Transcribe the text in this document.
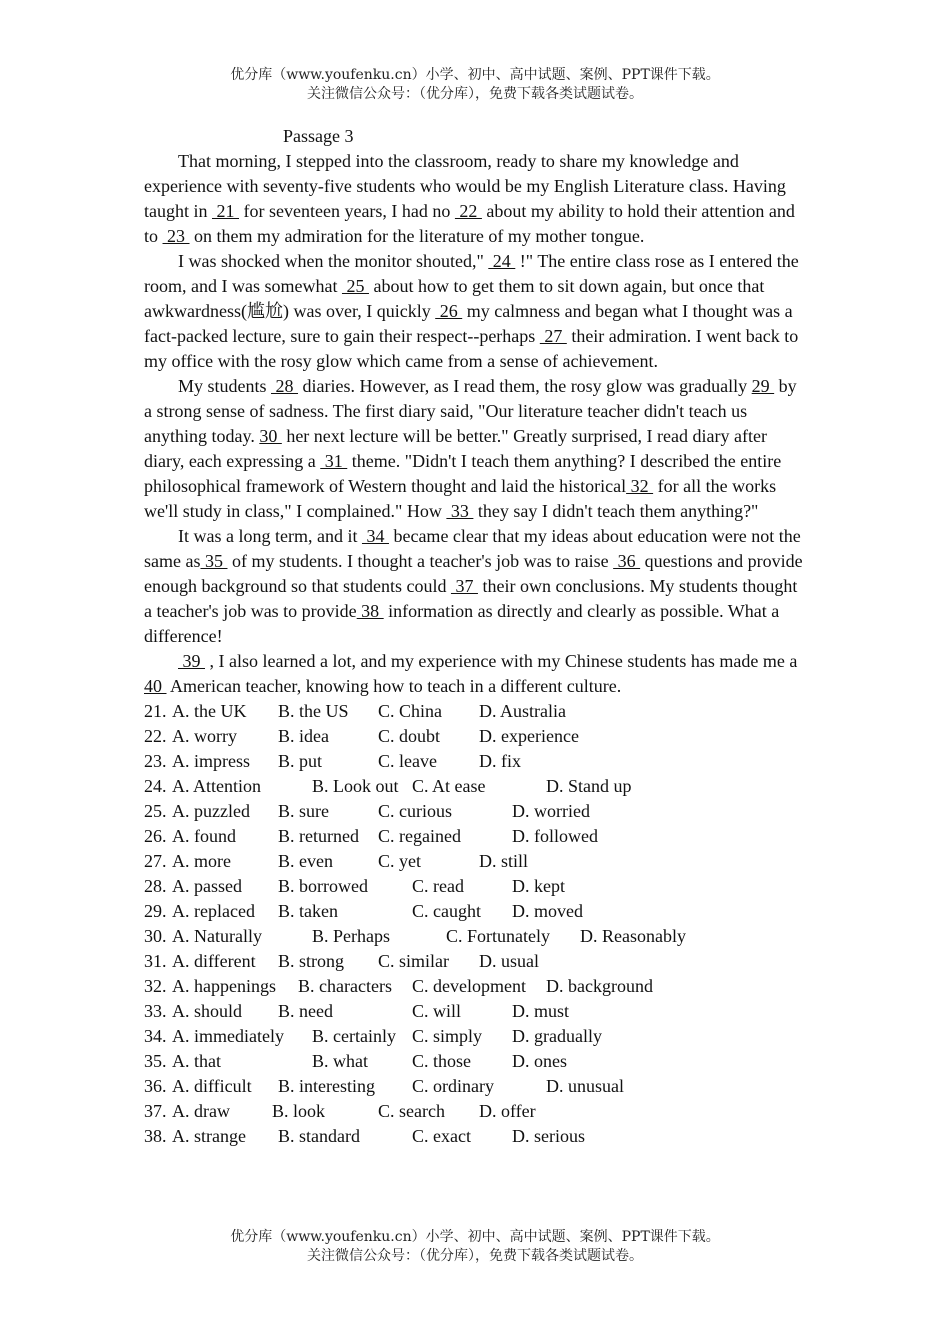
优分库（www.youfenku.cn）小学、初中、高中试题、案例、PPT课件下载。
关注微信公众号：（优分库），免费下载各类试题试卷。
Passage 3

That morning, I stepped into the classroom, ready to share my knowledge and experience with seventy-five students who would be my English Literature class. Having taught in  21  for seventeen years, I had no  22  about my ability to hold their attention and to  23  on them my admiration for the literature of my mother tongue.

I was shocked when the monitor shouted,"  24  !" The entire class rose as I entered the room, and I was somewhat  25  about how to get them to sit down again, but once that awkwardness(尴尬) was over, I quickly  26  my calmness and began what I thought was a fact-packed lecture, sure to gain their respect--perhaps  27  their admiration. I went back to my office with the rosy glow which came from a sense of achievement.

My students  28  diaries. However, as I read them, the rosy glow was gradually 29  by a strong sense of sadness. The first diary said, "Our literature teacher didn't teach us anything today. 30  her next lecture will be better." Greatly surprised, I read diary after diary, each expressing a  31  theme. "Didn't I teach them anything? I described the entire philosophical framework of Western thought and laid the historical 32  for all the works we'll study in class," I complained." How  33  they say I didn't teach them anything?"

It was a long term, and it  34  became clear that my ideas about education were not the same as 35  of my students. I thought a teacher's job was to raise  36  questions and provide enough background so that students could  37  their own conclusions. My students thought a teacher's job was to provide 38  information as directly and clearly as possible. What a difference!

39  , I also learned a lot, and my experience with my Chinese students has made me a 40  American teacher, knowing how to teach in a different culture.

21. A. the UK	B. the US	C. China	D. Australia
22. A. worry	B. idea	C. doubt	D. experience
23. A. impress	B. put	C. leave	D. fix
24. A. Attention	B. Look out C. At ease	D. Stand up
25. A. puzzled	B. sure	C. curious	D. worried
26. A. found	B. returned	C. regained	D. followed
27. A. more	B. even	C. yet	D. still
28. A. passed	B. borrowed	C. read	D. kept
29. A. replaced	B. taken	C. caught	D. moved
30. A. Naturally	B. Perhaps	C. Fortunately	D. Reasonably
31. A. different	B. strong	C. similar	D. usual
32. A. happenings	B. characters	C. development	D. background
33. A. should	B. need	C. will	D. must
34. A. immediately	B. certainly C. simply	D. gradually
35. A. that	B. what	C. those	D. ones
36. A. difficult	B. interesting	C. ordinary	D. unusual
37. A. draw	B. look	C. search	D. offer
38. A. strange	B. standard	C. exact	D. serious
优分库（www.youfenku.cn）小学、初中、高中试题、案例、PPT课件下载。
关注微信公众号：（优分库），免费下载各类试题试卷。
